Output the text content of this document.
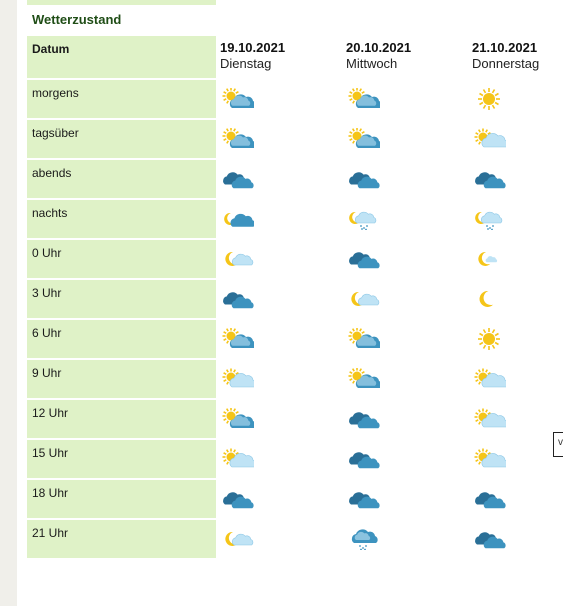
Wetterzustand
Datum
morgens
tagsüber
abends
nachts
0 Uhr
3 Uhr
6 Uhr
9 Uhr
12 Uhr
15 Uhr
18 Uhr
21 Uhr
19.10.2021
Dienstag
20.10.2021
Mittwoch
21.10.2021
Donnerstag
v
